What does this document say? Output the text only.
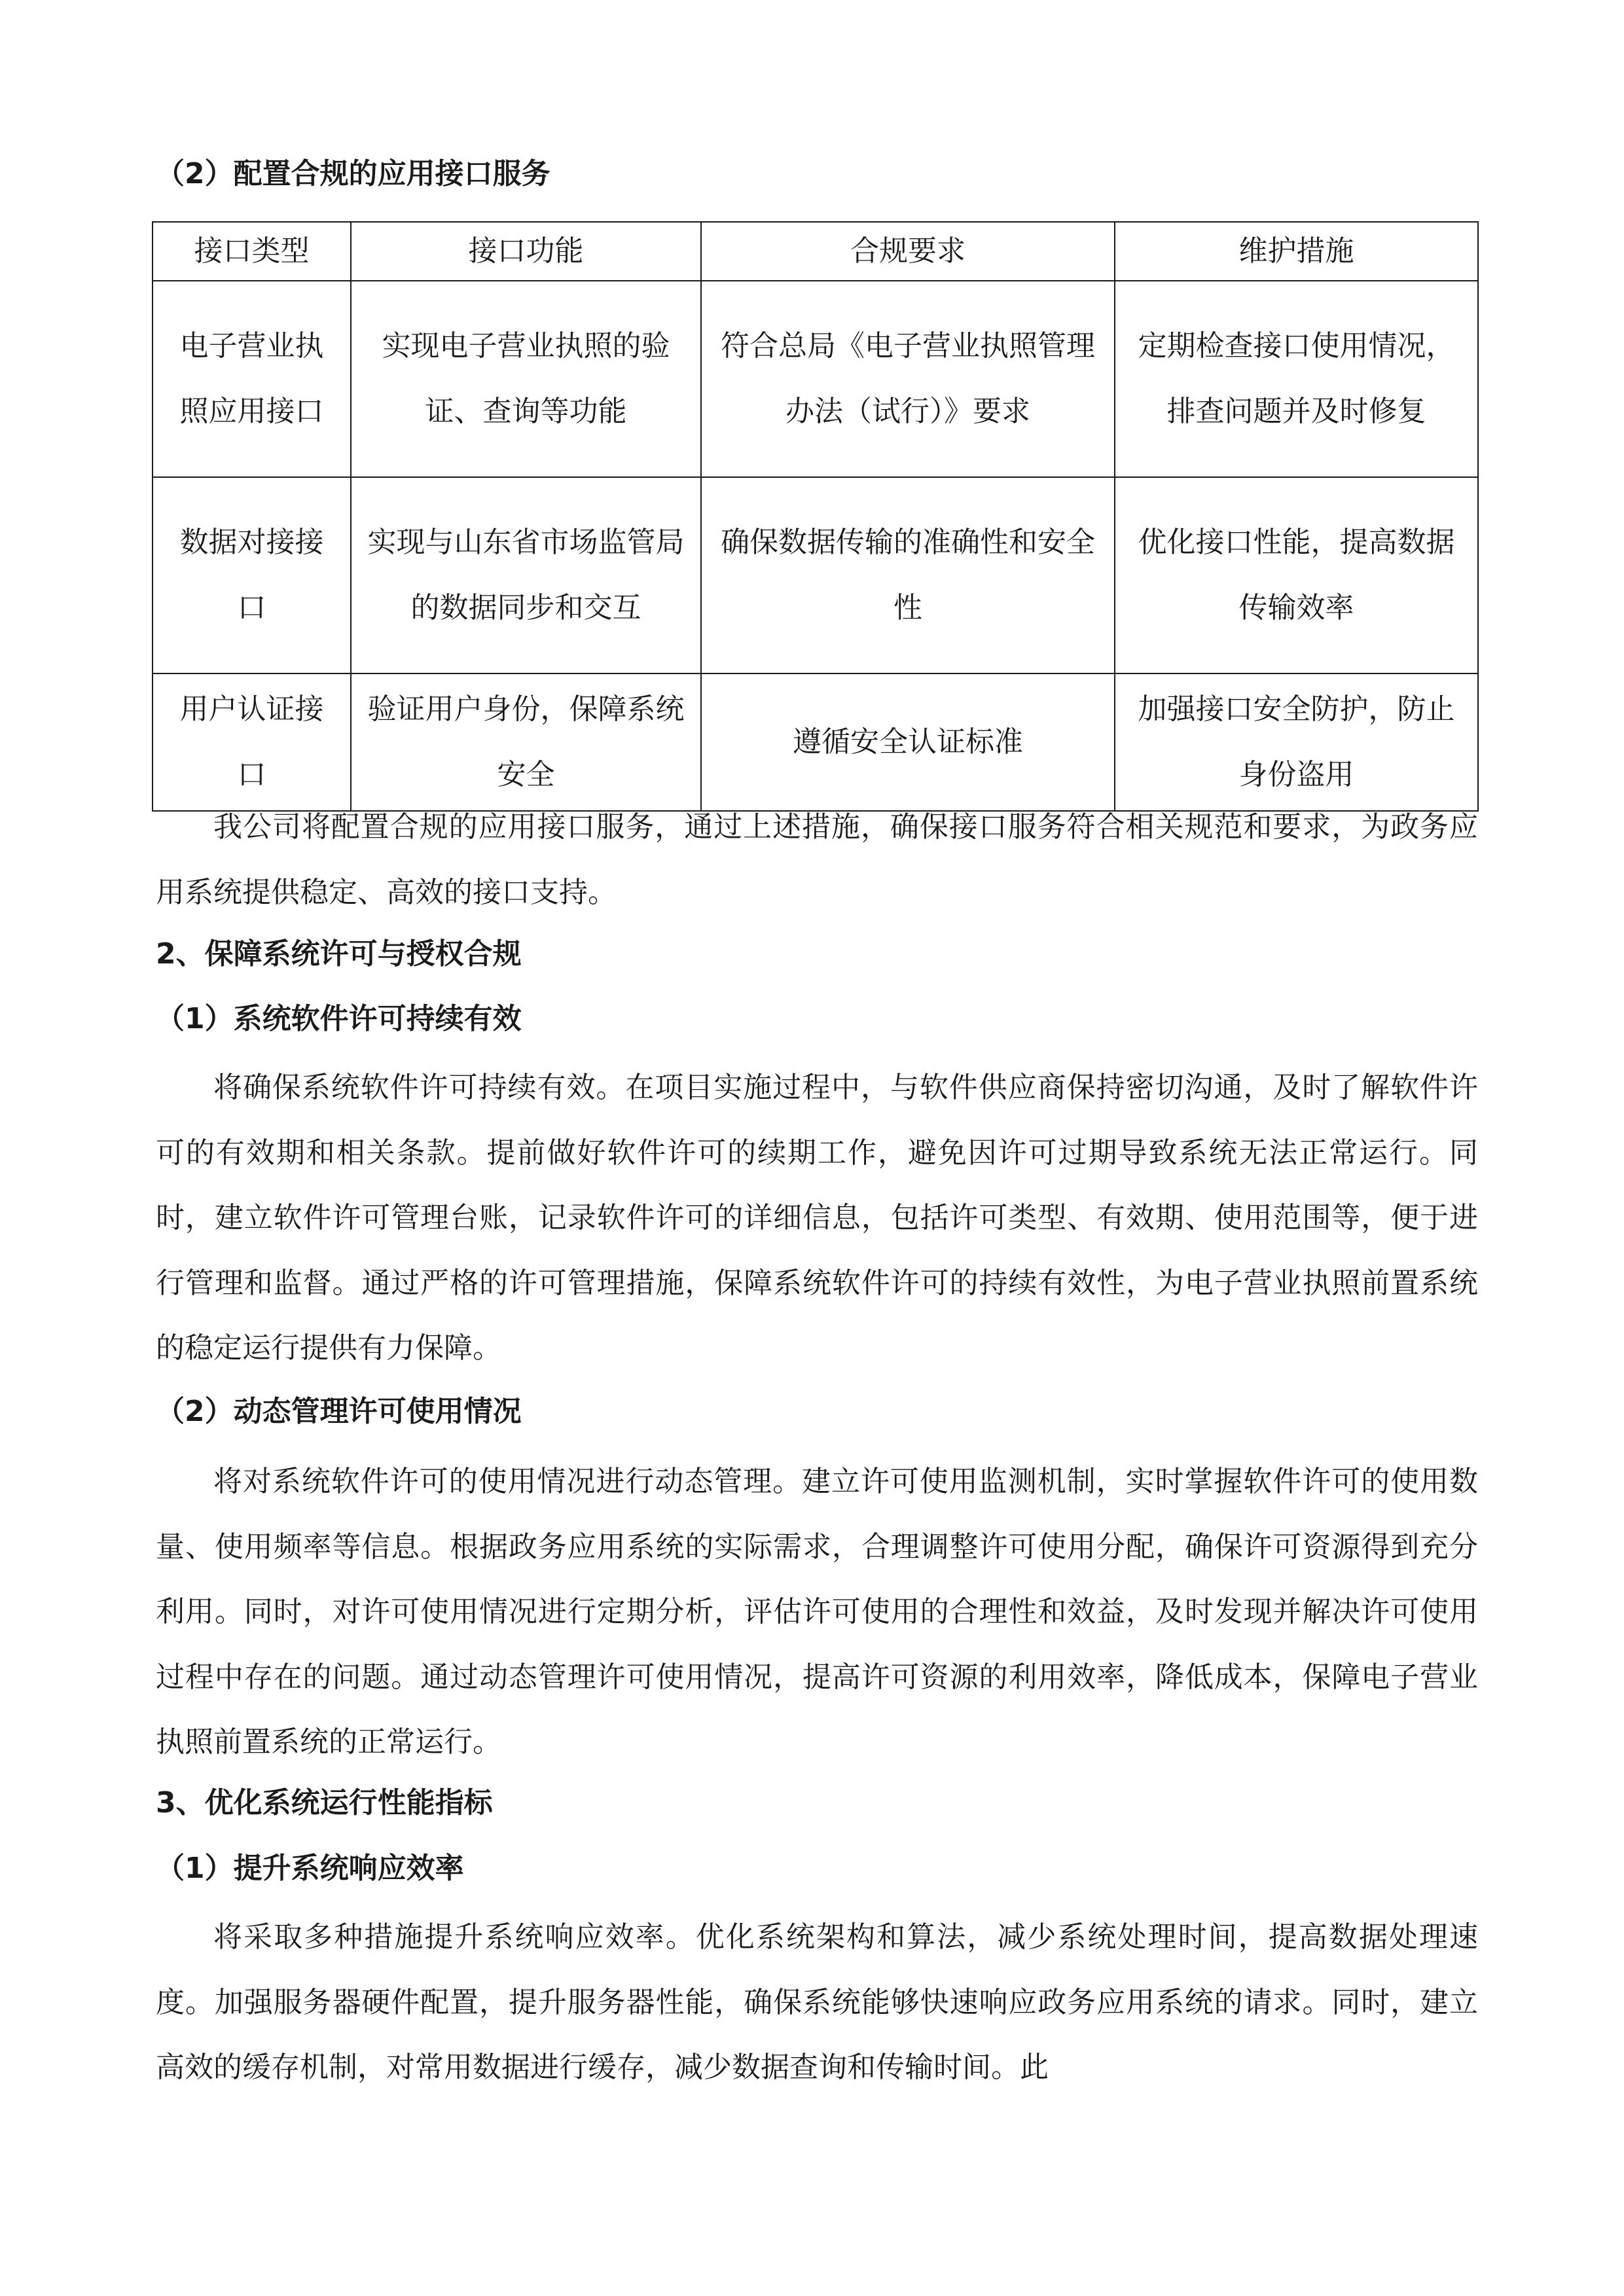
（2）配置合规的应用接口服务
接口类型	接口功能	合规要求	维护措施
电子营业执照应用接口	实现电子营业执照的验证、查询等功能	符合总局《电子营业执照管理办法（试行）》要求	定期检查接口使用情况，排查问题并及时修复
数据对接接口	实现与山东省市场监管局的数据同步和交互	确保数据传输的准确性和安全性	优化接口性能，提高数据传输效率
用户认证接口	验证用户身份，保障系统安全	遵循安全认证标准	加强接口安全防护，防止身份盗用

我公司将配置合规的应用接口服务，通过上述措施，确保接口服务符合相关规范和要求，为政务应用系统提供稳定、高效的接口支持。

2、保障系统许可与授权合规
（1）系统软件许可持续有效

将确保系统软件许可持续有效。在项目实施过程中，与软件供应商保持密切沟通，及时了解软件许可的有效期和相关条款。提前做好软件许可的续期工作，避免因许可过期导致系统无法正常运行。同时，建立软件许可管理台账，记录软件许可的详细信息，包括许可类型、有效期、使用范围等，便于进行管理和监督。通过严格的许可管理措施，保障系统软件许可的持续有效性，为电子营业执照前置系统的稳定运行提供有力保障。

（2）动态管理许可使用情况

将对系统软件许可的使用情况进行动态管理。建立许可使用监测机制，实时掌握软件许可的使用数量、使用频率等信息。根据政务应用系统的实际需求，合理调整许可使用分配，确保许可资源得到充分利用。同时，对许可使用情况进行定期分析，评估许可使用的合理性和效益，及时发现并解决许可使用过程中存在的问题。通过动态管理许可使用情况，提高许可资源的利用效率，降低成本，保障电子营业执照前置系统的正常运行。

3、优化系统运行性能指标
（1）提升系统响应效率

将采取多种措施提升系统响应效率。优化系统架构和算法，减少系统处理时间，提高数据处理速度。加强服务器硬件配置，提升服务器性能，确保系统能够快速响应政务应用系统的请求。同时，建立高效的缓存机制，对常用数据进行缓存，减少数据查询和传输时间。此
